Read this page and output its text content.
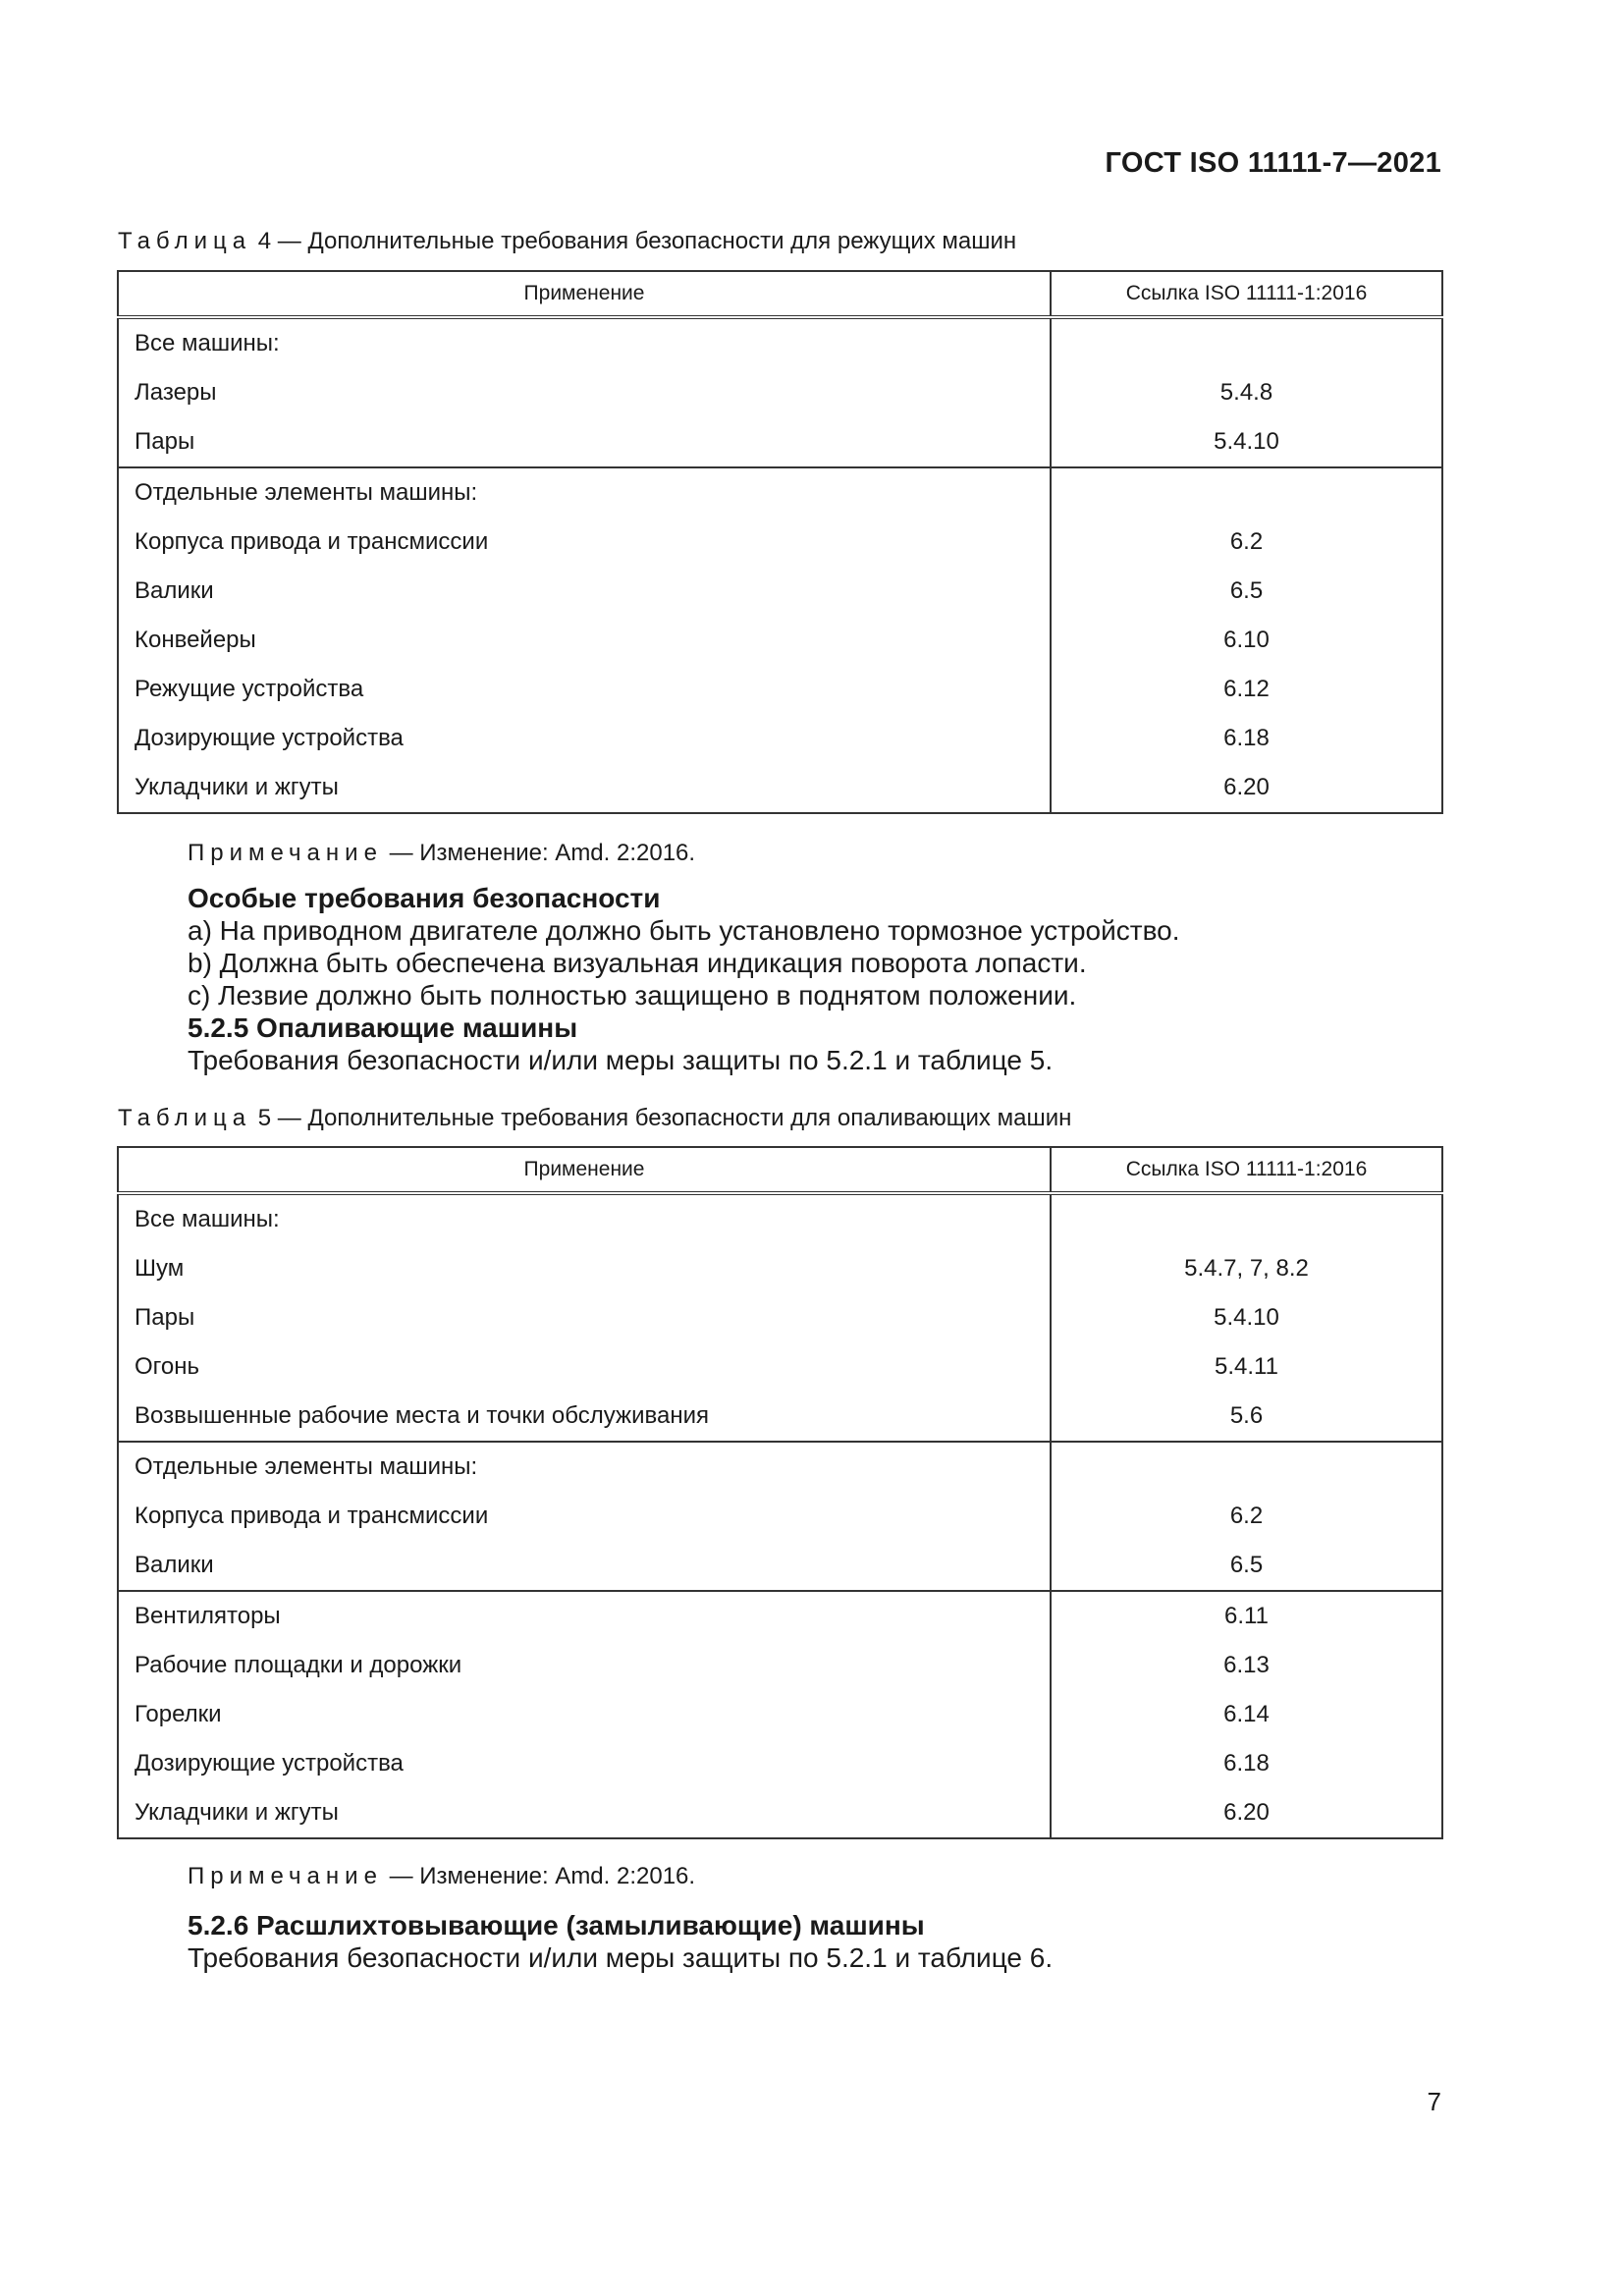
ГОСТ ISO 11111-7—2021
Таблица 4 — Дополнительные требования безопасности для режущих машин
Применение	Ссылка ISO 11111-1:2016
Все машины:	
Лазеры	5.4.8
Пары	5.4.10
Отдельные элементы машины:	
Корпуса привода и трансмиссии	6.2
Валики	6.5
Конвейеры	6.10
Режущие устройства	6.12
Дозирующие устройства	6.18
Укладчики и жгуты	6.20
Примечание — Изменение: Amd. 2:2016.
Особые требования безопасности
a) На приводном двигателе должно быть установлено тормозное устройство.
b) Должна быть обеспечена визуальная индикация поворота лопасти.
c) Лезвие должно быть полностью защищено в поднятом положении.
5.2.5 Опаливающие машины
Требования безопасности и/или меры защиты по 5.2.1 и таблице 5.
Таблица 5 — Дополнительные требования безопасности для опаливающих машин
Применение	Ссылка ISO 11111-1:2016
Все машины:	
Шум	5.4.7, 7, 8.2
Пары	5.4.10
Огонь	5.4.11
Возвышенные рабочие места и точки обслуживания	5.6
Отдельные элементы машины:	
Корпуса привода и трансмиссии	6.2
Валики	6.5
Вентиляторы	6.11
Рабочие площадки и дорожки	6.13
Горелки	6.14
Дозирующие устройства	6.18
Укладчики и жгуты	6.20
Примечание — Изменение: Amd. 2:2016.
5.2.6 Расшлихтовывающие (замыливающие) машины
Требования безопасности и/или меры защиты по 5.2.1 и таблице 6.
7
